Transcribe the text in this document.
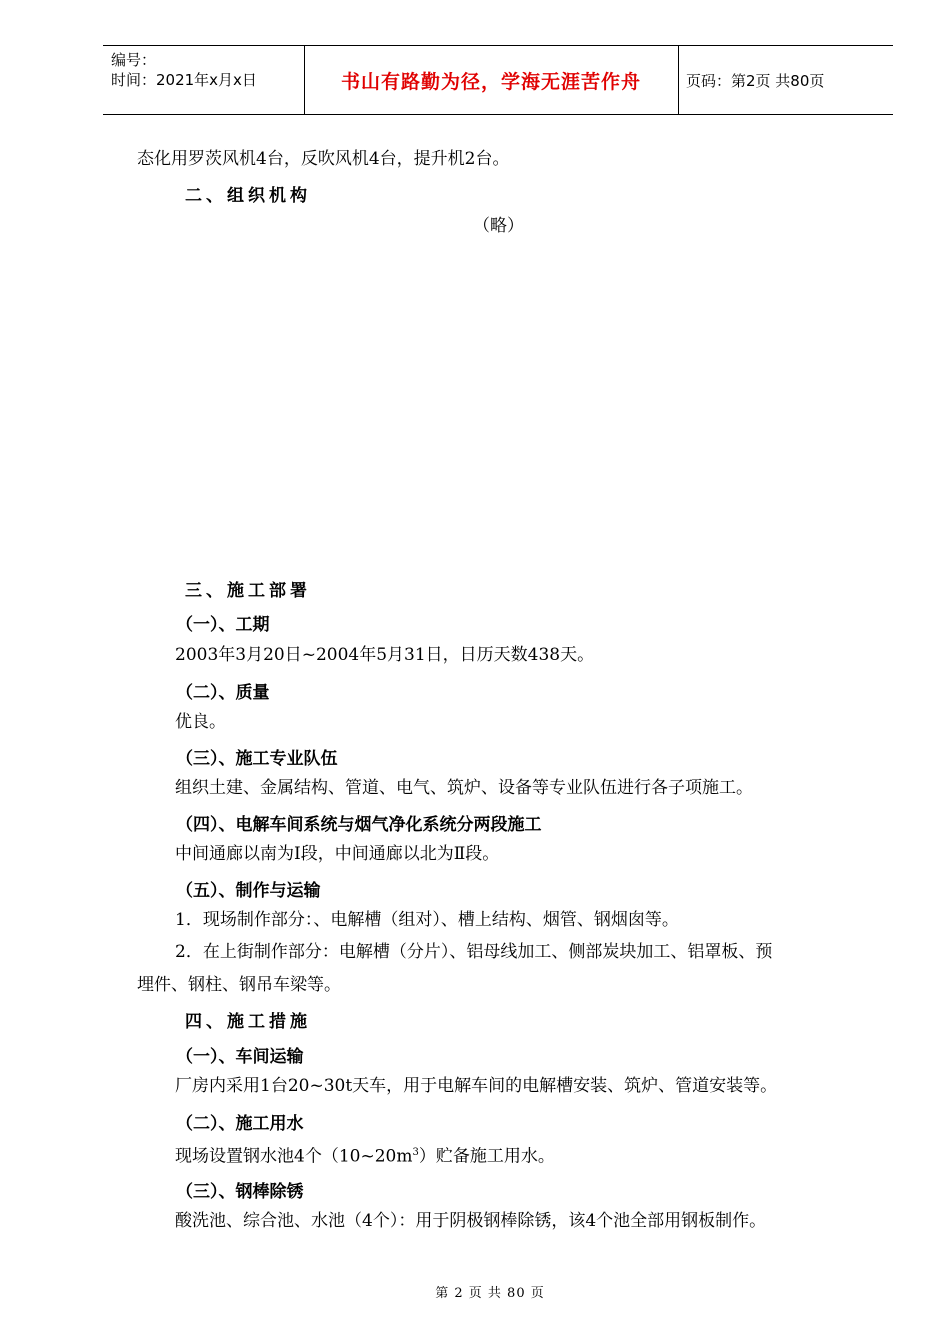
编号：
时间：2021年x月x日	书山有路勤为径，学海无涯苦作舟	页码：第2页 共80页
态化用罗茨风机4台，反吹风机4台，提升机2台。
二、组织机构
（略）
三、施工部署
（一）、工期
2003年3月20日~2004年5月31日，日历天数438天。
（二）、质量
优良。
（三）、施工专业队伍
组织土建、金属结构、管道、电气、筑炉、设备等专业队伍进行各子项施工。
（四）、电解车间系统与烟气净化系统分两段施工
中间通廊以南为Ⅰ段，中间通廊以北为Ⅱ段。
（五）、制作与运输
1．现场制作部分：、电解槽（组对）、槽上结构、烟管、钢烟囱等。
2．在上街制作部分：电解槽（分片）、铝母线加工、侧部炭块加工、铝罩板、预
埋件、钢柱、钢吊车梁等。
四、施工措施
（一）、车间运输
厂房内采用1台20~30t天车，用于电解车间的电解槽安装、筑炉、管道安装等。
（二）、施工用水
现场设置钢水池4个$(10\sim 20m^3)$贮备施工用水。
（三）、钢棒除锈
酸洗池、综合池、水池（4个）：用于阴极钢棒除锈，该4个池全部用钢板制作。
第 2 页 共 80 页
